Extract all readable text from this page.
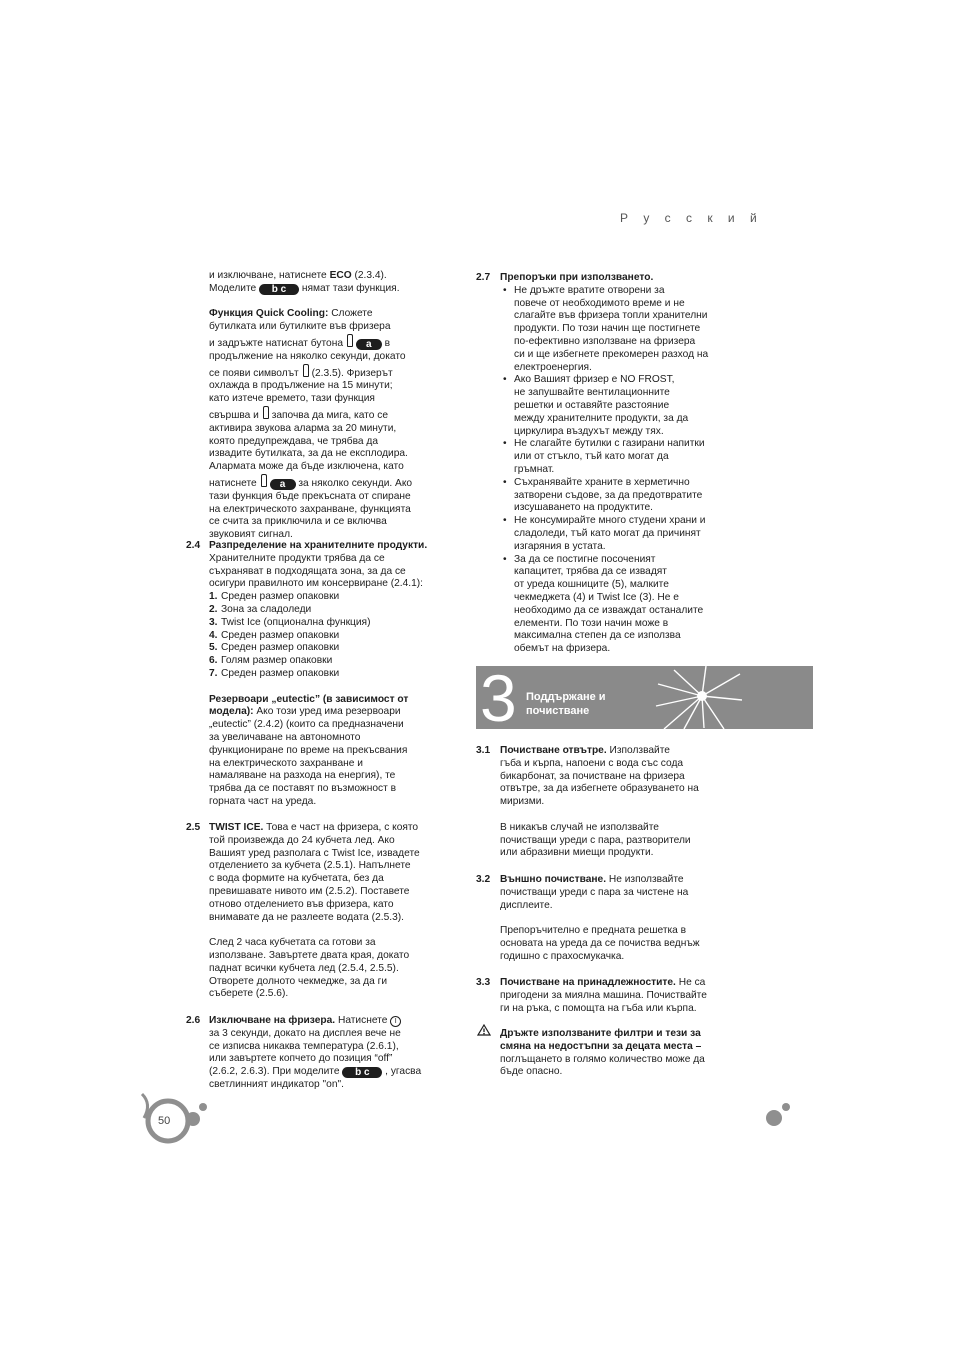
Р у с с к и й

и изключване, натиснете ECO (2.3.4).

Моделите b c нямат тази функция.

Функция Quick Cooling: Сложете
бутилката или бутилките във фризера
и задръжте натиснат бутона a в
продължение на няколко секунди, докато
се появи символът (2.3.5). Фризерът
охлажда в продължение на 15 минути;
като изтече времето, тази функция
свършва и започва да мига, като се
активира звукова аларма за 20 минути,
която предупреждава, че трябва да
извадите бутилката, за да не експлодира.
Алармата може да бъде изключена, като
натиснете a за няколко секунди. Ако
тази функция бъде прекъсната от спиране
на електрическото захранване, функцията
се счита за приключила и се включва
звуковият сигнал.

2.4 Разпределение на хранителните продукти.

Хранителните продукти трябва да се

съхраняват в подходящата зона, за да се

осигури правилното им консервиране (2.4.1):

1. Среден размер опаковки
2. Зона за сладоледи
3. Twist Ice (опционална функция)
4. Среден размер опаковки
5. Среден размер опаковки
6. Голям размер опаковки
7. Среден размер опаковки

Резервоари „eutectic” (в зависимост от
модела): Ако този уред има резервоари
„eutectic” (2.4.2) (които са предназначени
за увеличаване на автономното
функциониране по време на прекъсвания
на електрическото захранване и
намаляване на разхода на енергия), те
трябва да се поставят по възможност в
горната част на уреда.

2.5 TWIST ICE. Това е част на фризера, с която

той произвежда до 24 кубчета лед. Ако

Вашият уред разполага с Twist Ice, извадете

отделението за кубчета (2.5.1). Напълнете

с вода формите на кубчетата, без да

превишавате нивото им (2.5.2). Поставете

отново отделението във фризера, като

внимавате да не разлеете водата (2.5.3).

След 2 часа кубчетата са готови за

използване. Завъртете двата края, докато

паднат всички кубчета лед (2.5.4, 2.5.5).

Отворете долното чекмедже, за да ги

съберете (2.5.6).

2.6 Изключване на фризера. Натиснете I

за 3 секунди, докато на дисплея вече не

се изписва никаква температура (2.6.1),

или завъртете копчето до позиция “off”

(2.6.2, 2.6.3). При моделите b c , угасва

светлинният индикатор "on".

2.7 Препоръки при използването.

• Не дръжте вратите отворени за
повече от необходимото време и не
слагайте във фризера топли хранителни
продукти. По този начин ще постигнете
по-ефективно използване на фризера
си и ще избегнете прекомерен разход на
електроенергия.
• Ако Вашият фризер е NO FROST,
не запушвайте вентилационните
решетки и оставяйте разстояние
между хранителните продукти, за да
циркулира въздухът между тях.
• Не слагайте бутилки с газирани напитки
или от стъкло, тъй като могат да
гръмнат.
• Съхранявайте храните в херметично
затворени съдове, за да предотвратите
изсушаването на продуктите.
• Не консумирайте много студени храни и
сладоледи, тъй като могат да причинят
изгаряния в устата.
• За да се постигне посоченият
капацитет, трябва да се извадят
от уреда кошниците (5), малките
чекмеджета (4) и Twist Ice (3). Не е
необходимо да се изваждат останалите
елементи. По този начин може в
максимална степен да се използва
обемът на фризера.
3 Поддържане и
почистване
3.1 Почистване отвътре. Използвайте

гъба и кърпа, напоени с вода със сода

бикарбонат, за почистване на фризера

отвътре, за да избегнете образуването на

миризми.

В никакъв случай не използвайте

почистващи уреди с пара, разтворители

или абразивни миещи продукти.

3.2 Външно почистване. Не използвайте

почистващи уреди с пара за чистене на

дисплеите.

Препоръчително е предната решетка в

основата на уреда да се почиства веднъж

годишно с прахосмукачка.

3.3 Почистване на принадлежностите. Не са

пригодени за миялна машина. Почиствайте

ги на ръка, с помощта на гъба или кърпа.

Дръжте използваните филтри и тези за

смяна на недостъпни за децата места –

поглъщането в голямо количество може да

бъде опасно.

50
